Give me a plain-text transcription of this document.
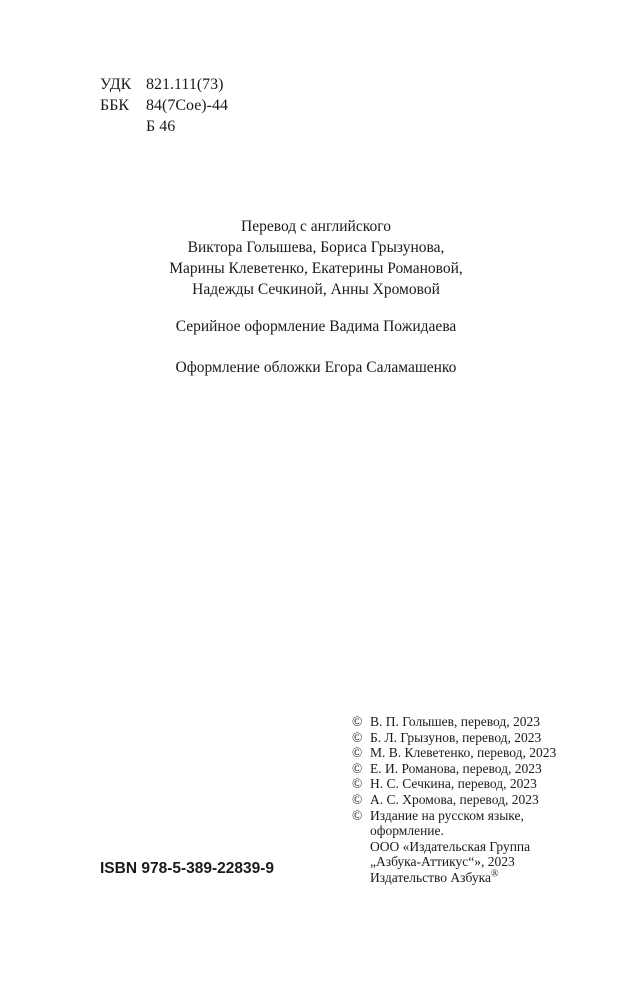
УДК 821.111(73)
ББК	84(7Сое)-44
Б 46
Перевод с английского
Виктора Голышева, Бориса Грызунова,
Марины Клеветенко, Екатерины Романовой,
Надежды Сечкиной, Анны Хромовой
Серийное оформление Вадима Пожидаева
Оформление обложки Егора Саламашенко
© В. П. Голышев, перевод, 2023
© Б. Л. Грызунов, перевод, 2023
© М. В. Клеветенко, перевод, 2023
© Е. И. Романова, перевод, 2023
© Н. С. Сечкина, перевод, 2023
© А. С. Хромова, перевод, 2023
© Издание на русском языке,
оформление.
ООО «Издательская Группа
„Азбука-Аттикус“», 2023
Издательство Азбука®
ISBN 978-5-389-22839-9
